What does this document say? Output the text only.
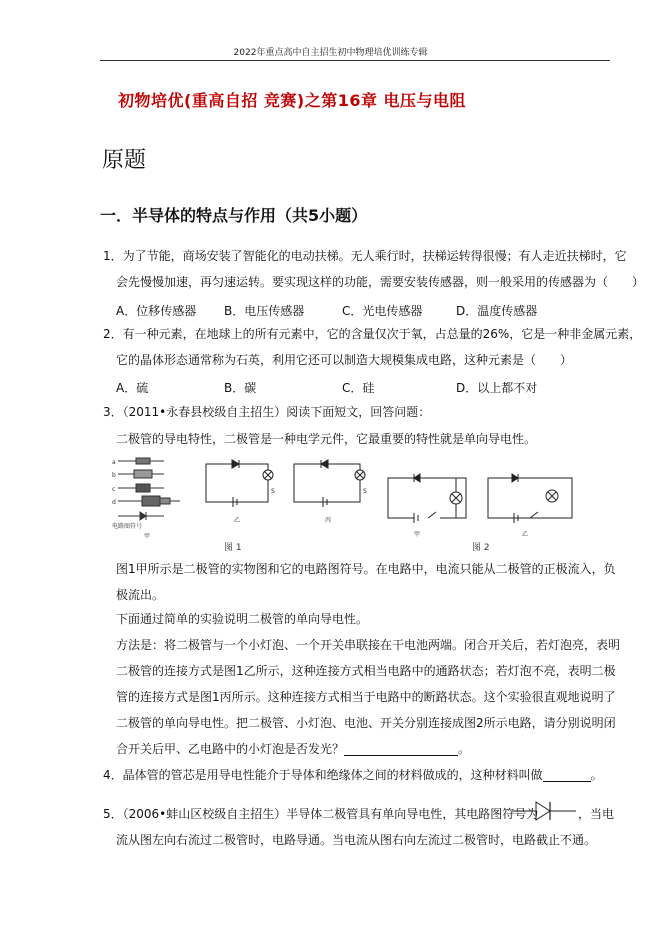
2022年重点高中自主招生初中物理培优训练专辑
初物培优(重高自招 竞赛)之第16章 电压与电阻
原题
一．半导体的特点与作用（共5小题）
1．为了节能，商场安装了智能化的电动扶梯。无人乘行时，扶梯运转得很慢；有人走近扶梯时，它
会先慢慢加速，再匀速运转。要实现这样的功能，需要安装传感器，则一般采用的传感器为（　　）
A．位移传感器 B．电压传感器	C．光电传感器	D．温度传感器
2．有一种元素，在地球上的所有元素中，它的含量仅次于氧，占总量的26%，它是一种非金属元素，
它的晶体形态通常称为石英，利用它还可以制造大规模集成电路，这种元素是（　　）
A．硫	B．碳	C．硅	D．以上都不对
3．（2011•永春县校级自主招生）阅读下面短文，回答问题：
二极管的导电特性，二极管是一种电学元件，它最重要的特性就是单向导电性。
a
b
c
d
电路图符号
甲
S
乙
S
丙
甲	乙
图 1	图 2
图1甲所示是二极管的实物图和它的电路图符号。在电路中，电流只能从二极管的正极流入，负
极流出。
下面通过简单的实验说明二极管的单向导电性。
方法是：将二极管与一个小灯泡、一个开关串联接在干电池两端。闭合开关后，若灯泡亮，表明
二极管的连接方式是图1乙所示，这种连接方式相当电路中的通路状态；若灯泡不亮，表明二极
管的连接方式是图1丙所示。这种连接方式相当于电路中的断路状态。这个实验很直观地说明了
二极管的单向导电性。把二极管、小灯泡、电池、开关分别连接成图2所示电路，请分别说明闭
合开关后甲、乙电路中的小灯泡是否发光？	。
4．晶体管的管芯是用导电性能介于导体和绝缘体之间的材料做成的，这种材料叫做	。
5．（2006•蚌山区校级自主招生）半导体二极管具有单向导电性，其电路图符号为	，当电
流从图左向右流过二极管时，电路导通。当电流从图右向左流过二极管时，电路截止不通。
